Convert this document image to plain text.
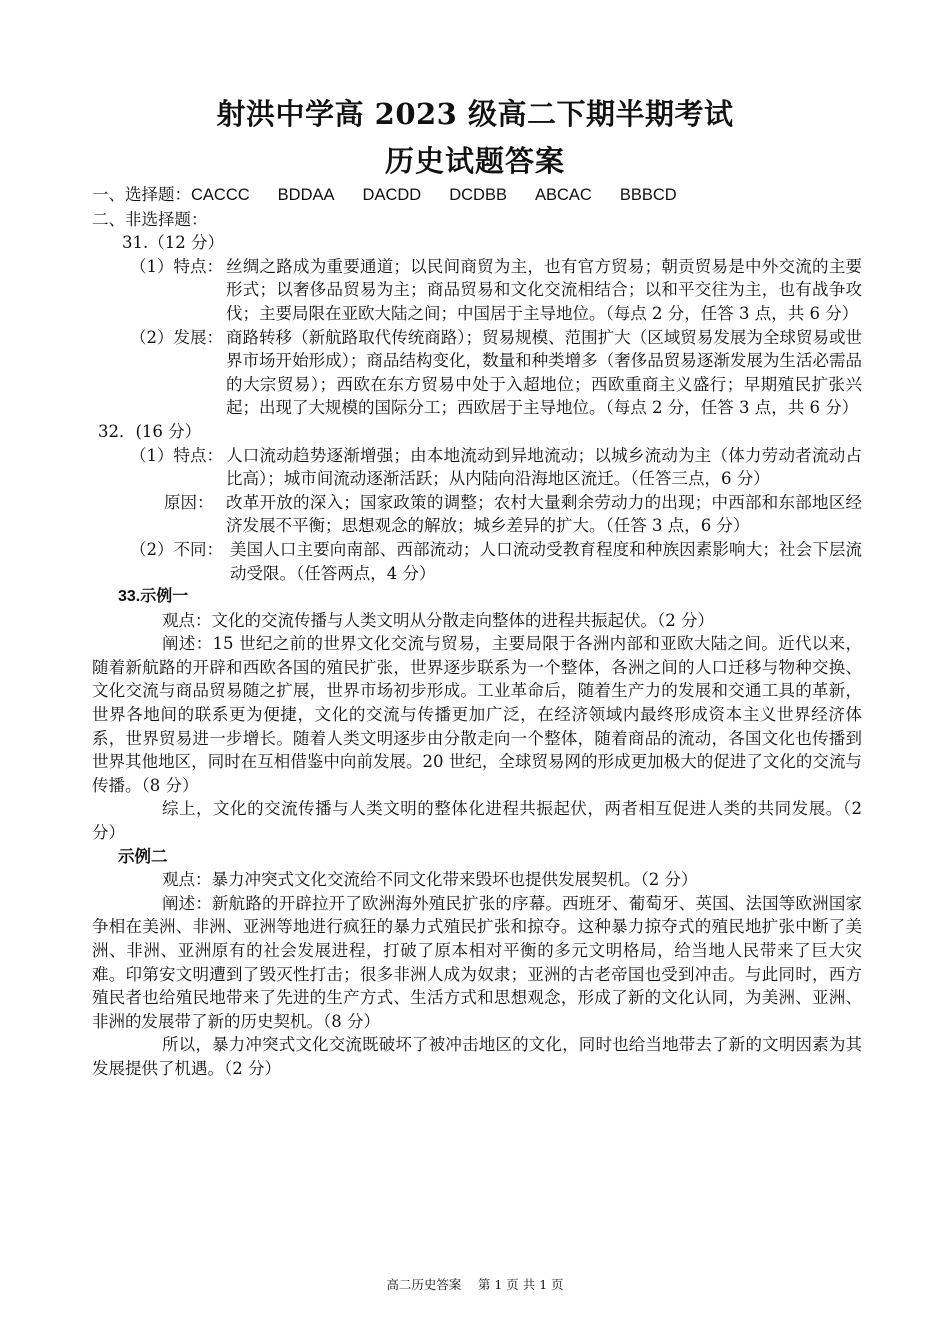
射洪中学高 2023 级高二下期半期考试
历史试题答案
一、选择题：CACCC BDDAA DACDD DCDBB ABCAC BBBCD
二、非选择题：
31.（12 分）
（1）特点： 丝绸之路成为重要通道；以民间商贸为主，也有官方贸易；朝贡贸易是中外交流的主要形式；以奢侈品贸易为主；商品贸易和文化交流相结合；以和平交往为主，也有战争攻伐；主要局限在亚欧大陆之间；中国居于主导地位。（每点 2 分，任答 3 点，共 6 分）
（2）发展： 商路转移（新航路取代传统商路）；贸易规模、范围扩大（区域贸易发展为全球贸易或世界市场开始形成）；商品结构变化，数量和种类增多（奢侈品贸易逐渐发展为生活必需品的大宗贸易）；西欧在东方贸易中处于入超地位；西欧重商主义盛行；早期殖民扩张兴起；出现了大规模的国际分工；西欧居于主导地位。（每点 2 分，任答 3 点，共 6 分）
32．(16 分）
（1）特点： 人口流动趋势逐渐增强；由本地流动到异地流动；以城乡流动为主（体力劳动者流动占比高）；城市间流动逐渐活跃；从内陆向沿海地区流迁。（任答三点，6 分）
原因： 改革开放的深入；国家政策的调整；农村大量剩余劳动力的出现；中西部和东部地区经济发展不平衡；思想观念的解放；城乡差异的扩大。（任答 3 点，6 分）
（2）不同： 美国人口主要向南部、西部流动；人口流动受教育程度和种族因素影响大；社会下层流动受限。（任答两点，4 分）
33.示例一
观点：文化的交流传播与人类文明从分散走向整体的进程共振起伏。（2 分）
阐述：15 世纪之前的世界文化交流与贸易，主要局限于各洲内部和亚欧大陆之间。近代以来，随着新航路的开辟和西欧各国的殖民扩张，世界逐步联系为一个整体，各洲之间的人口迁移与物种交换、文化交流与商品贸易随之扩展，世界市场初步形成。工业革命后，随着生产力的发展和交通工具的革新，世界各地间的联系更为便捷，文化的交流与传播更加广泛，在经济领域内最终形成资本主义世界经济体系，世界贸易进一步增长。随着人类文明逐步由分散走向一个整体，随着商品的流动，各国文化也传播到世界其他地区，同时在互相借鉴中向前发展。20 世纪，全球贸易网的形成更加极大的促进了文化的交流与传播。（8 分）
综上，文化的交流传播与人类文明的整体化进程共振起伏，两者相互促进人类的共同发展。（2 分）
示例二
观点：暴力冲突式文化交流给不同文化带来毁坏也提供发展契机。（2 分）
阐述：新航路的开辟拉开了欧洲海外殖民扩张的序幕。西班牙、葡萄牙、英国、法国等欧洲国家争相在美洲、非洲、亚洲等地进行疯狂的暴力式殖民扩张和掠夺。这种暴力掠夺式的殖民地扩张中断了美洲、非洲、亚洲原有的社会发展进程，打破了原本相对平衡的多元文明格局，给当地人民带来了巨大灾难。印第安文明遭到了毁灭性打击；很多非洲人成为奴隶；亚洲的古老帝国也受到冲击。与此同时，西方殖民者也给殖民地带来了先进的生产方式、生活方式和思想观念，形成了新的文化认同，为美洲、亚洲、非洲的发展带了新的历史契机。（8 分）
所以，暴力冲突式文化交流既破坏了被冲击地区的文化，同时也给当地带去了新的文明因素为其发展提供了机遇。（2 分）
高二历史答案　 第 1 页 共 1 页
